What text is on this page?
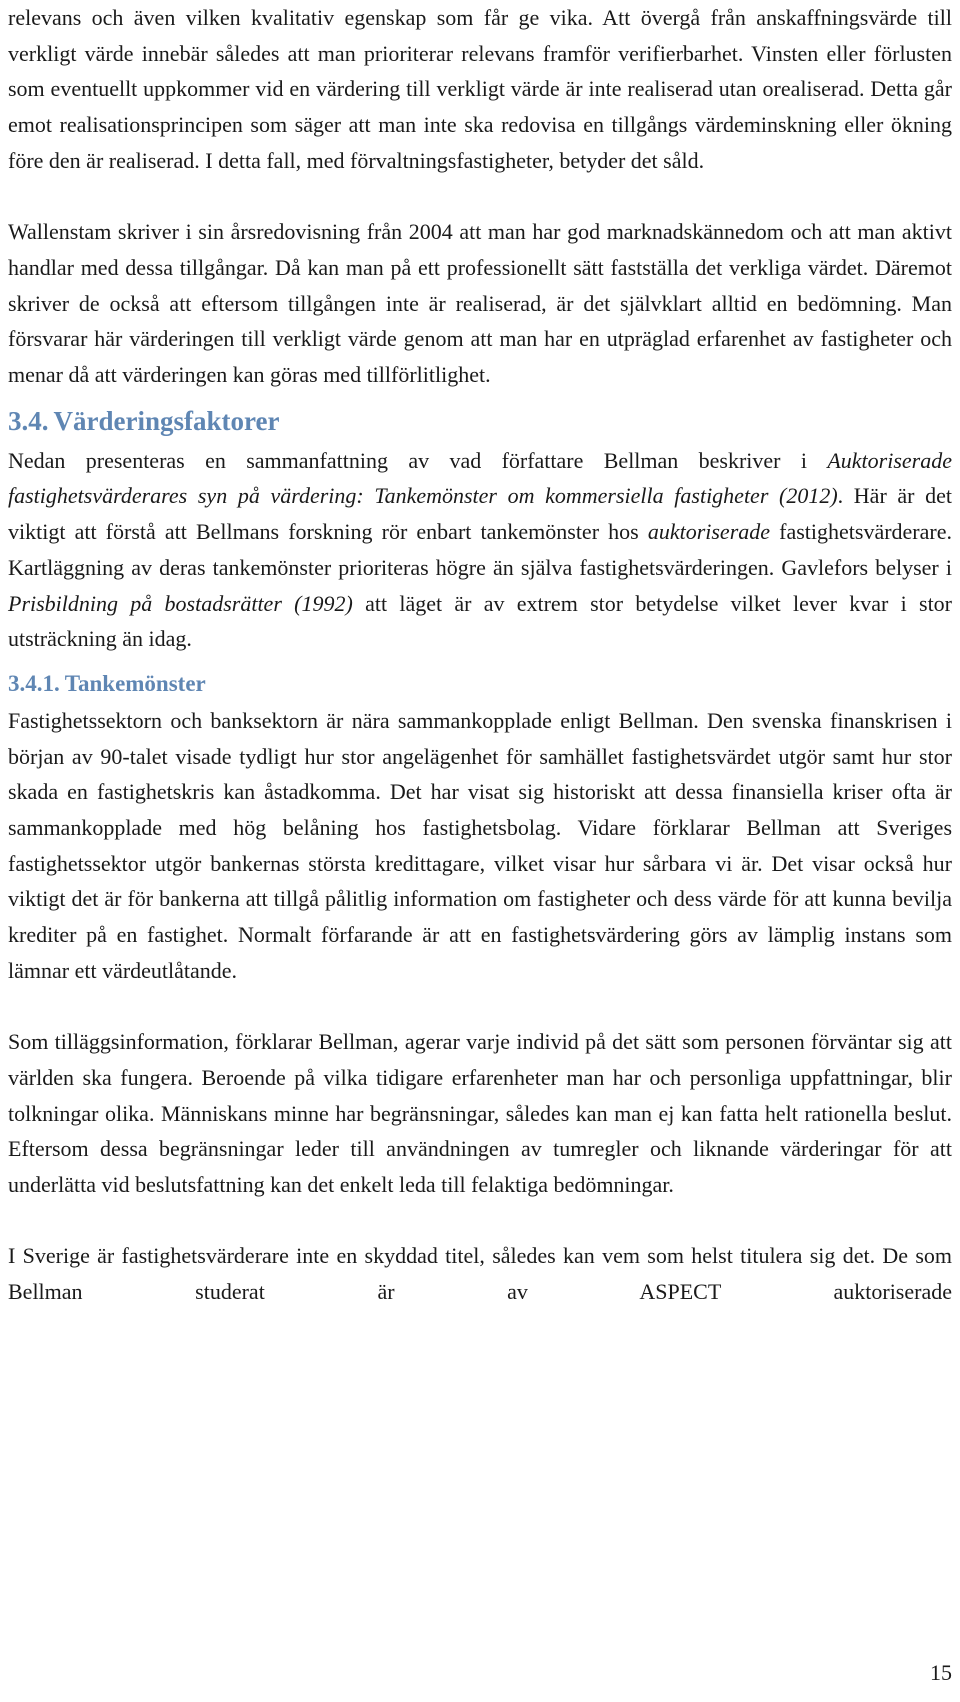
relevans och även vilken kvalitativ egenskap som får ge vika. Att övergå från anskaffningsvärde till verkligt värde innebär således att man prioriterar relevans framför verifierbarhet. Vinsten eller förlusten som eventuellt uppkommer vid en värdering till verkligt värde är inte realiserad utan orealiserad. Detta går emot realisationsprincipen som säger att man inte ska redovisa en tillgångs värdeminskning eller ökning före den är realiserad. I detta fall, med förvaltningsfastigheter, betyder det såld.

Wallenstam skriver i sin årsredovisning från 2004 att man har god marknadskännedom och att man aktivt handlar med dessa tillgångar. Då kan man på ett professionellt sätt fastställa det verkliga värdet. Däremot skriver de också att eftersom tillgången inte är realiserad, är det självklart alltid en bedömning. Man försvarar här värderingen till verkligt värde genom att man har en utpräglad erfarenhet av fastigheter och menar då att värderingen kan göras med tillförlitlighet.

3.4. Värderingsfaktorer

Nedan presenteras en sammanfattning av vad författare Bellman beskriver i Auktoriserade fastighetsvärderares syn på värdering: Tankemönster om kommersiella fastigheter (2012). Här är det viktigt att förstå att Bellmans forskning rör enbart tankemönster hos auktoriserade fastighetsvärderare. Kartläggning av deras tankemönster prioriteras högre än själva fastighetsvärderingen. Gavlefors belyser i Prisbildning på bostadsrätter (1992) att läget är av extrem stor betydelse vilket lever kvar i stor utsträckning än idag.

3.4.1. Tankemönster

Fastighetssektorn och banksektorn är nära sammankopplade enligt Bellman. Den svenska finanskrisen i början av 90-talet visade tydligt hur stor angelägenhet för samhället fastighetsvärdet utgör samt hur stor skada en fastighetskris kan åstadkomma. Det har visat sig historiskt att dessa finansiella kriser ofta är sammankopplade med hög belåning hos fastighetsbolag. Vidare förklarar Bellman att Sveriges fastighetssektor utgör bankernas största kredittagare, vilket visar hur sårbara vi är. Det visar också hur viktigt det är för bankerna att tillgå pålitlig information om fastigheter och dess värde för att kunna bevilja krediter på en fastighet. Normalt förfarande är att en fastighetsvärdering görs av lämplig instans som lämnar ett värdeutlåtande.

Som tilläggsinformation, förklarar Bellman, agerar varje individ på det sätt som personen förväntar sig att världen ska fungera. Beroende på vilka tidigare erfarenheter man har och personliga uppfattningar, blir tolkningar olika. Människans minne har begränsningar, således kan man ej kan fatta helt rationella beslut. Eftersom dessa begränsningar leder till användningen av tumregler och liknande värderingar för att underlätta vid beslutsfattning kan det enkelt leda till felaktiga bedömningar.

I Sverige är fastighetsvärderare inte en skyddad titel, således kan vem som helst titulera sig det. De som Bellman studerat är av ASPECT auktoriserade

15
